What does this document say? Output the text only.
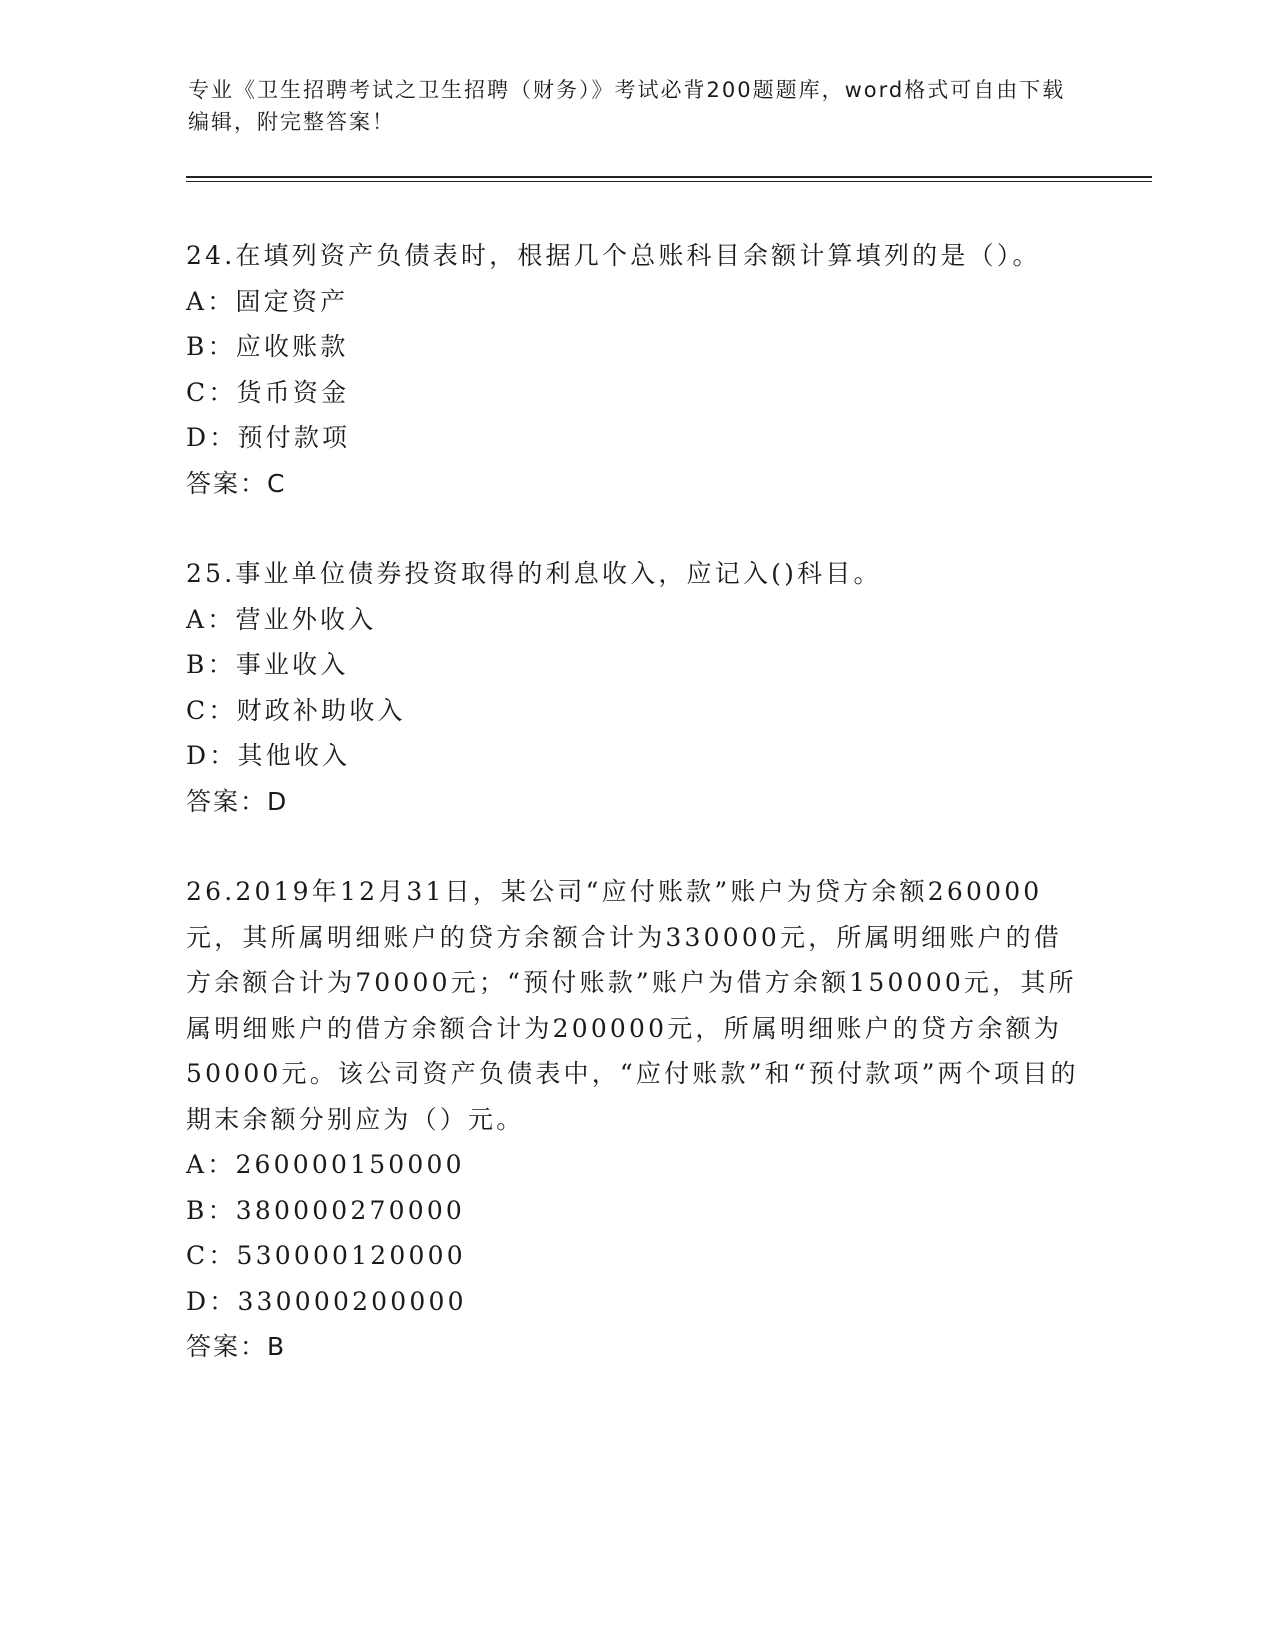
专业《卫生招聘考试之卫生招聘（财务）》考试必背200题题库，word格式可自由下载编辑，附完整答案！

24.在填列资产负债表时，根据几个总账科目余额计算填列的是（）。

A：固定资产

B：应收账款

C：货币资金

D：预付款项

答案：C

25.事业单位债券投资取得的利息收入，应记入()科目。

A：营业外收入

B：事业收入

C：财政补助收入

D：其他收入

答案：D

26.2019年12月31日，某公司“应付账款”账户为贷方余额260000元，其所属明细账户的贷方余额合计为330000元，所属明细账户的借方余额合计为70000元；“预付账款”账户为借方余额150000元，其所属明细账户的借方余额合计为200000元，所属明细账户的贷方余额为50000元。该公司资产负债表中，“应付账款”和“预付款项”两个项目的期末余额分别应为（）元。

A：260000150000

B：380000270000

C：530000120000

D：330000200000

答案：B
